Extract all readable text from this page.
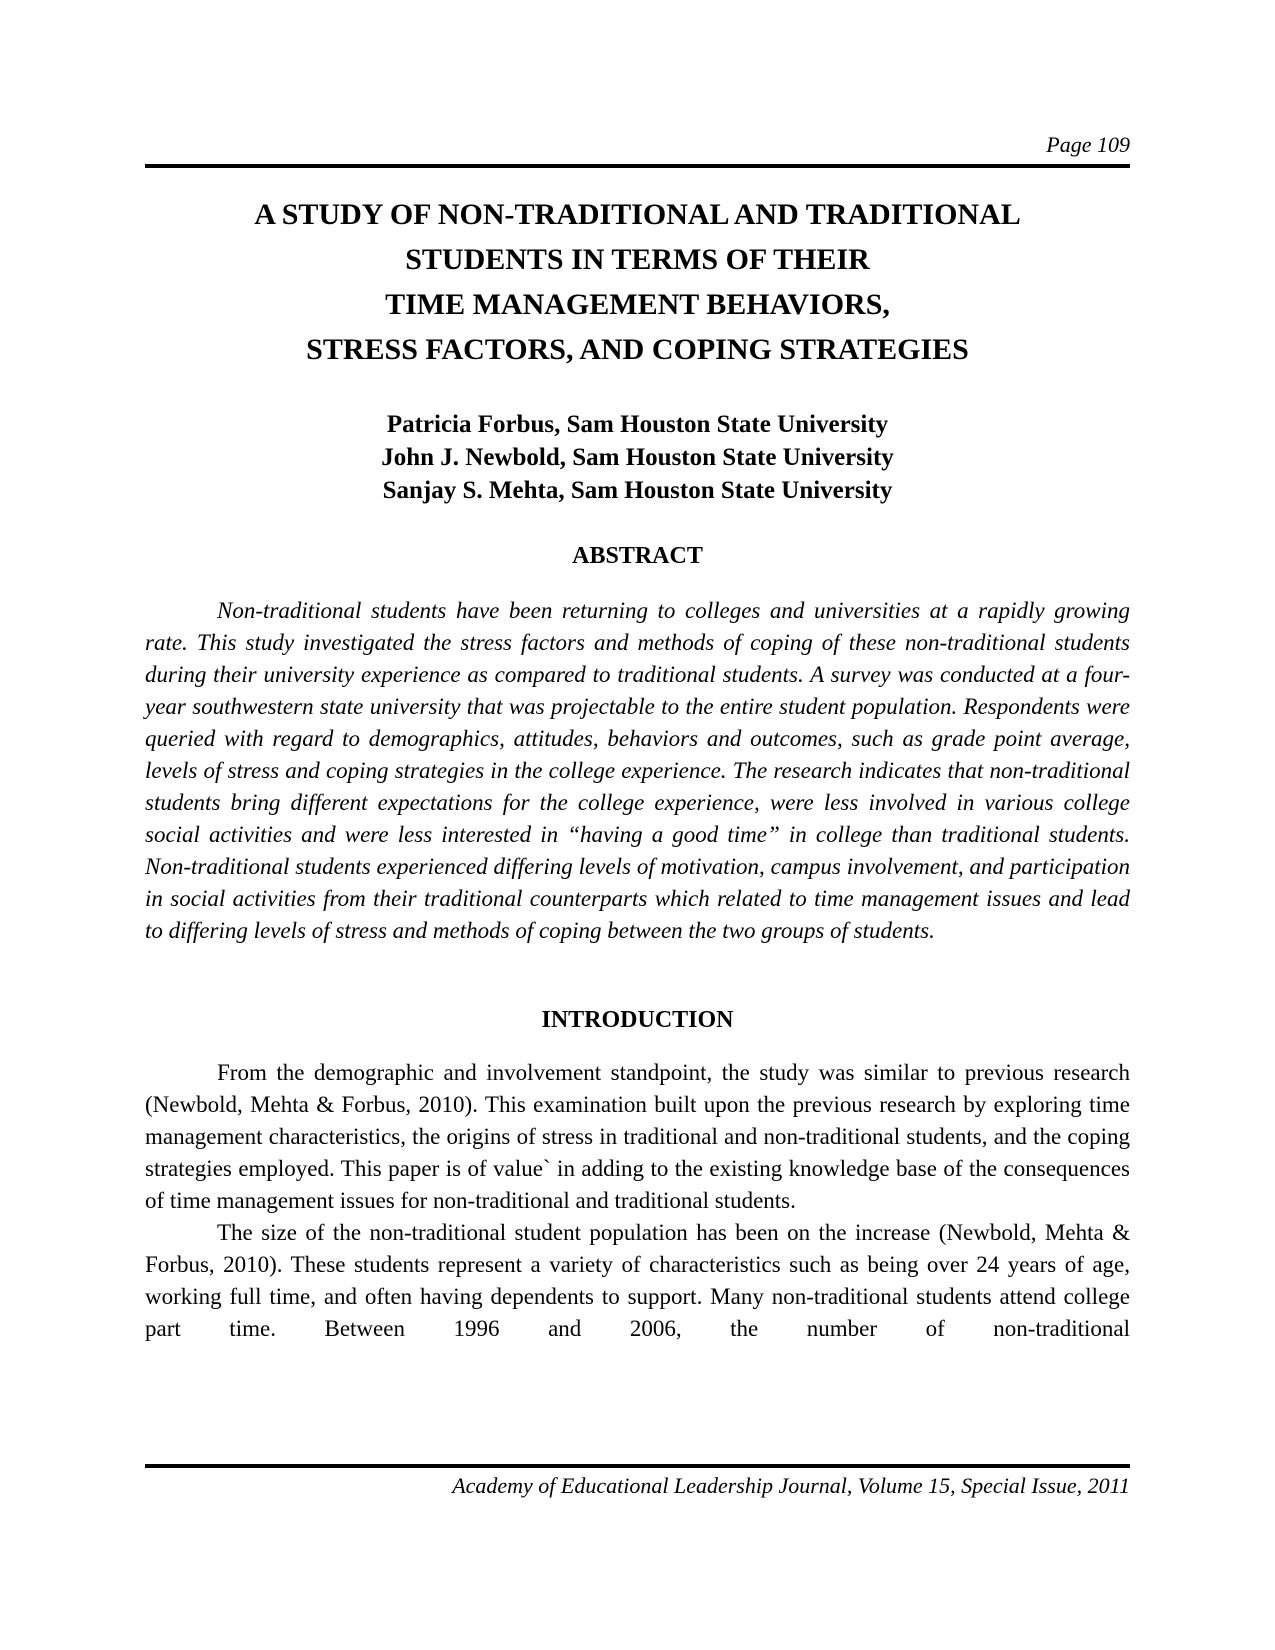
Page 109
A STUDY OF NON-TRADITIONAL AND TRADITIONAL
STUDENTS IN TERMS OF THEIR
TIME MANAGEMENT BEHAVIORS,
STRESS FACTORS, AND COPING STRATEGIES
Patricia Forbus, Sam Houston State University
John J. Newbold, Sam Houston State University
Sanjay S. Mehta, Sam Houston State University
ABSTRACT

Non-traditional students have been returning to colleges and universities at a rapidly growing rate. This study investigated the stress factors and methods of coping of these non-traditional students during their university experience as compared to traditional students. A survey was conducted at a four-year southwestern state university that was projectable to the entire student population. Respondents were queried with regard to demographics, attitudes, behaviors and outcomes, such as grade point average, levels of stress and coping strategies in the college experience. The research indicates that non-traditional students bring different expectations for the college experience, were less involved in various college social activities and were less interested in “having a good time” in college than traditional students. Non-traditional students experienced differing levels of motivation, campus involvement, and participation in social activities from their traditional counterparts which related to time management issues and lead to differing levels of stress and methods of coping between the two groups of students.

INTRODUCTION

From the demographic and involvement standpoint, the study was similar to previous research (Newbold, Mehta & Forbus, 2010). This examination built upon the previous research by exploring time management characteristics, the origins of stress in traditional and non-traditional students, and the coping strategies employed. This paper is of value` in adding to the existing knowledge base of the consequences of time management issues for non-traditional and traditional students.

The size of the non-traditional student population has been on the increase (Newbold, Mehta & Forbus, 2010). These students represent a variety of characteristics such as being over 24 years of age, working full time, and often having dependents to support. Many non-traditional students attend college part time. Between 1996 and 2006, the number of non-traditional

Academy of Educational Leadership Journal, Volume 15, Special Issue, 2011
